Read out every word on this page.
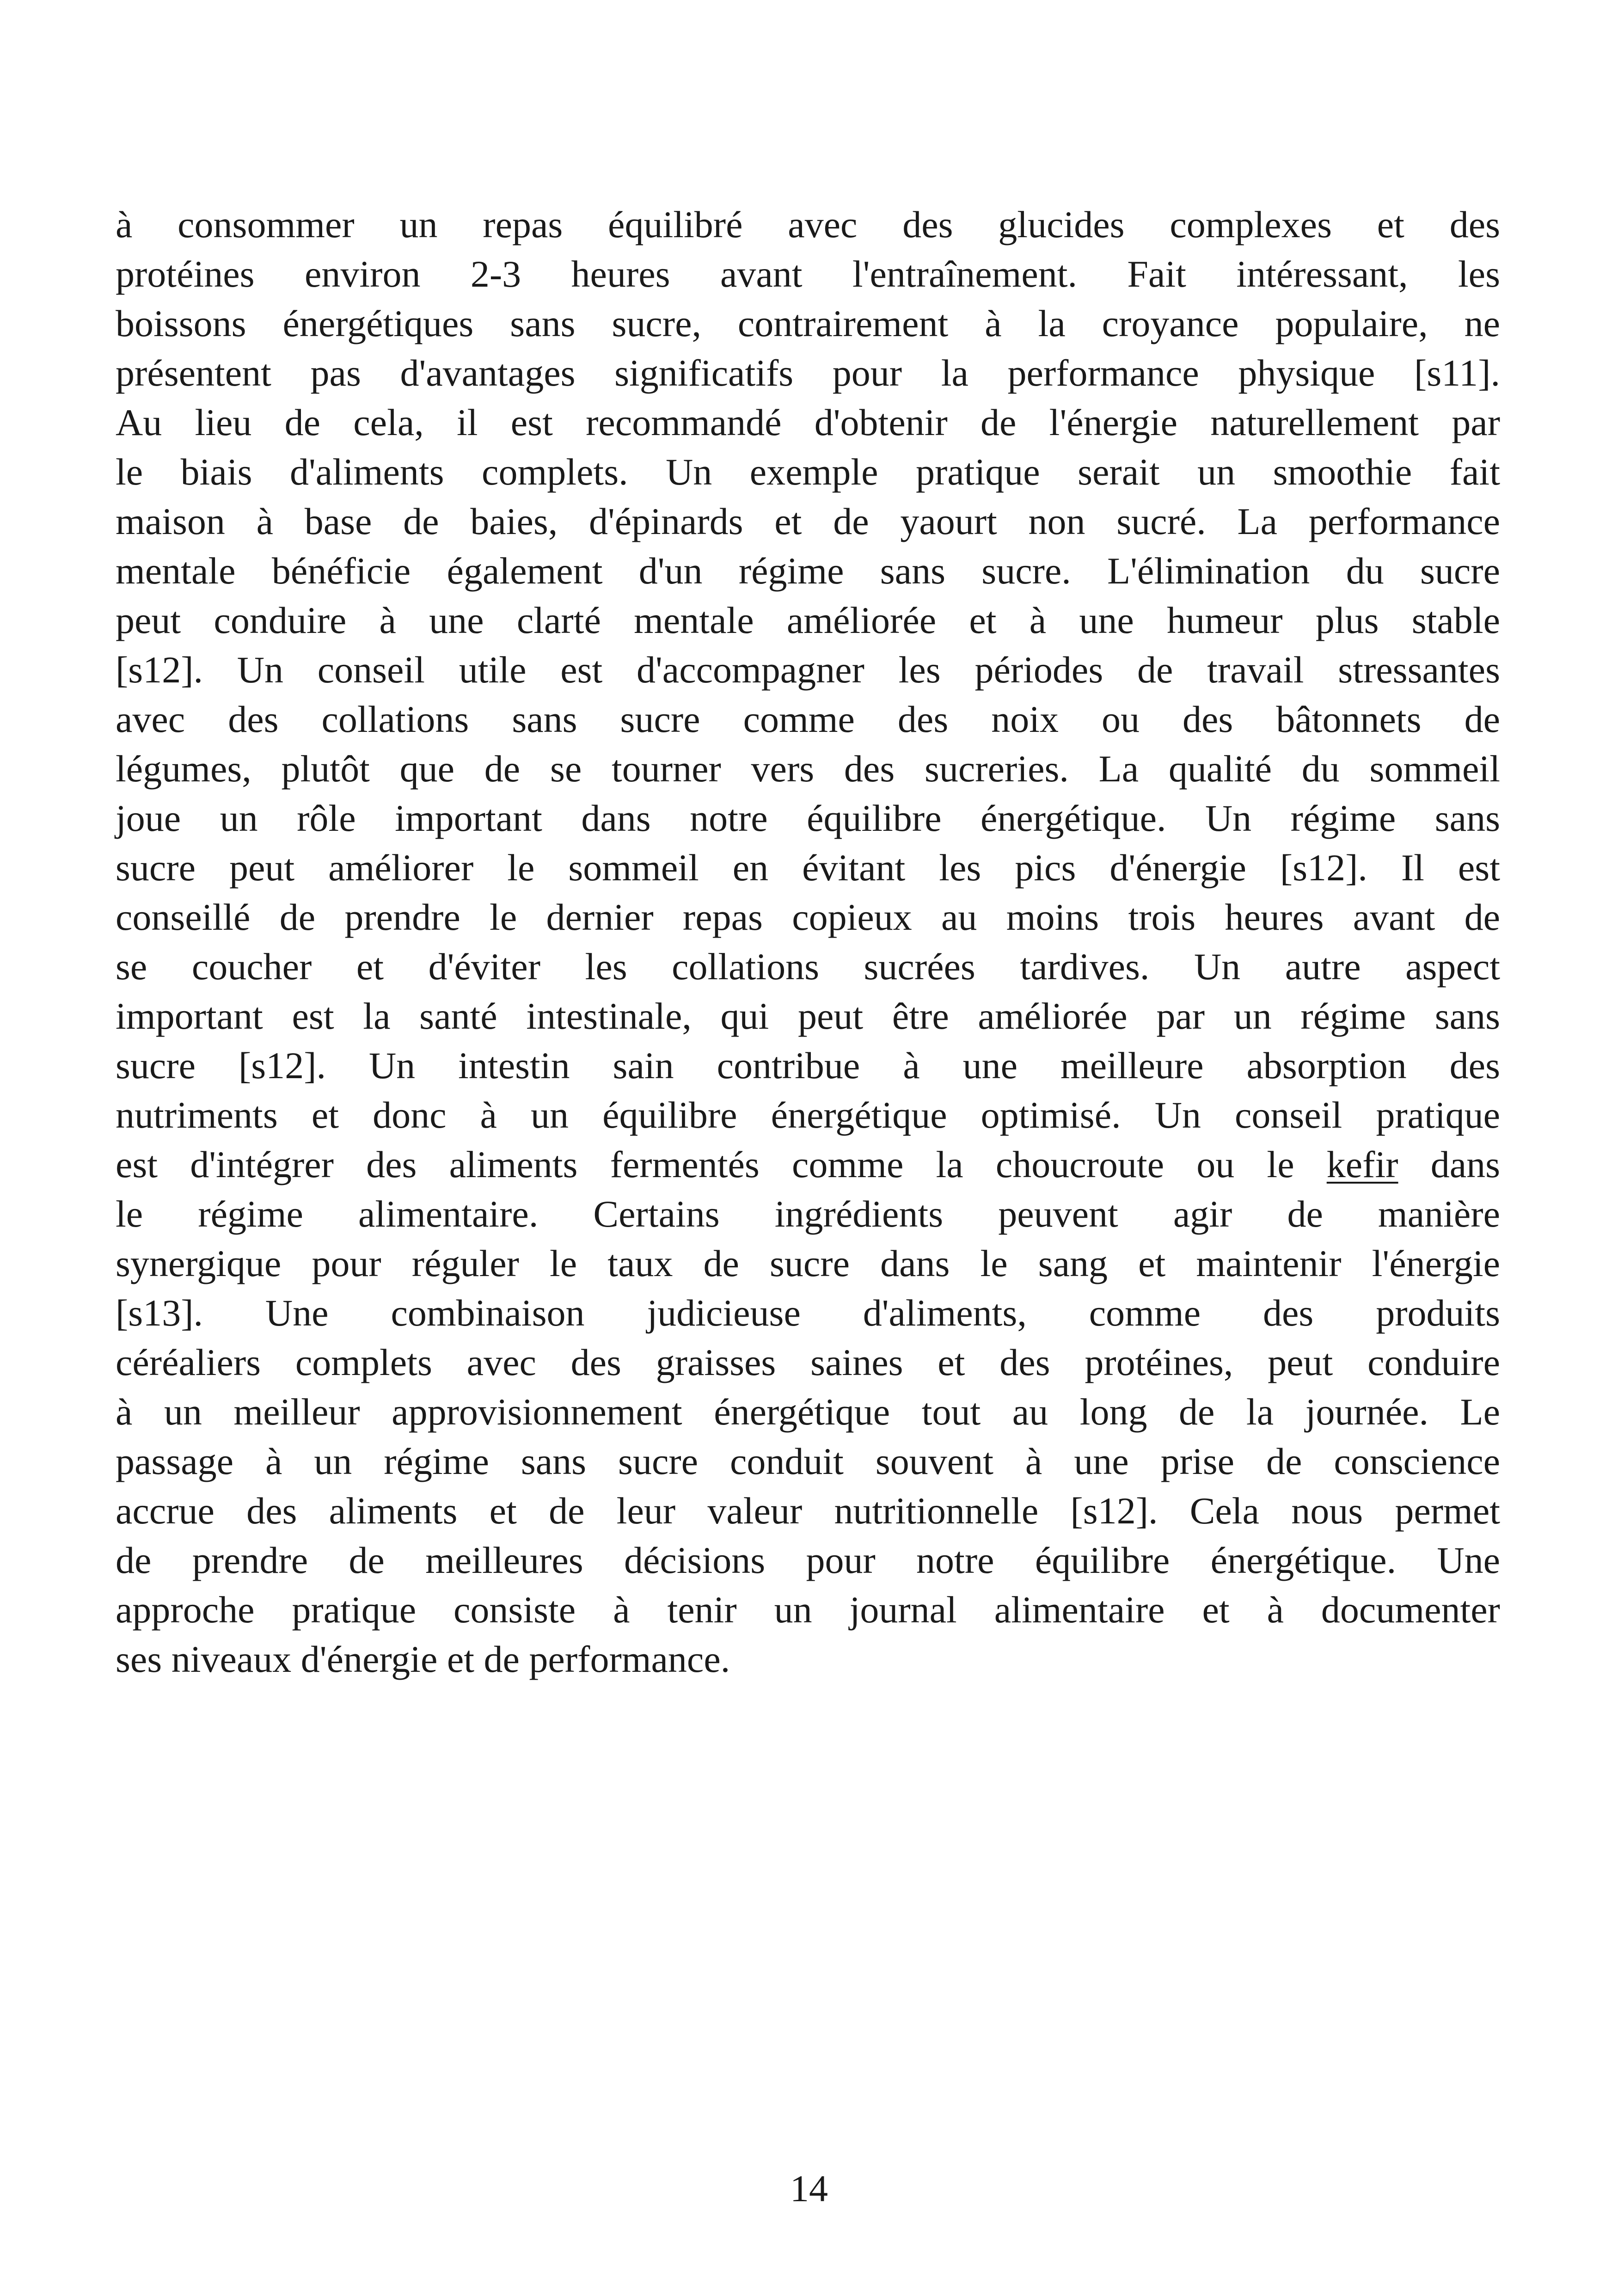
à consommer un repas équilibré avec des glucides complexes et des
protéines environ 2-3 heures avant l'entraînement. Fait intéressant, les
boissons énergétiques sans sucre, contrairement à la croyance populaire, ne
présentent pas d'avantages significatifs pour la performance physique [s11].
Au lieu de cela, il est recommandé d'obtenir de l'énergie naturellement par
le biais d'aliments complets. Un exemple pratique serait un smoothie fait
maison à base de baies, d'épinards et de yaourt non sucré. La performance
mentale bénéficie également d'un régime sans sucre. L'élimination du sucre
peut conduire à une clarté mentale améliorée et à une humeur plus stable
[s12]. Un conseil utile est d'accompagner les périodes de travail stressantes
avec des collations sans sucre comme des noix ou des bâtonnets de
légumes, plutôt que de se tourner vers des sucreries. La qualité du sommeil
joue un rôle important dans notre équilibre énergétique. Un régime sans
sucre peut améliorer le sommeil en évitant les pics d'énergie [s12]. Il est
conseillé de prendre le dernier repas copieux au moins trois heures avant de
se coucher et d'éviter les collations sucrées tardives. Un autre aspect
important est la santé intestinale, qui peut être améliorée par un régime sans
sucre [s12]. Un intestin sain contribue à une meilleure absorption des
nutriments et donc à un équilibre énergétique optimisé. Un conseil pratique
est d'intégrer des aliments fermentés comme la choucroute ou le kefir dans
le régime alimentaire. Certains ingrédients peuvent agir de manière
synergique pour réguler le taux de sucre dans le sang et maintenir l'énergie
[s13]. Une combinaison judicieuse d'aliments, comme des produits
céréaliers complets avec des graisses saines et des protéines, peut conduire
à un meilleur approvisionnement énergétique tout au long de la journée. Le
passage à un régime sans sucre conduit souvent à une prise de conscience
accrue des aliments et de leur valeur nutritionnelle [s12]. Cela nous permet
de prendre de meilleures décisions pour notre équilibre énergétique. Une
approche pratique consiste à tenir un journal alimentaire et à documenter
ses niveaux d'énergie et de performance.
14
